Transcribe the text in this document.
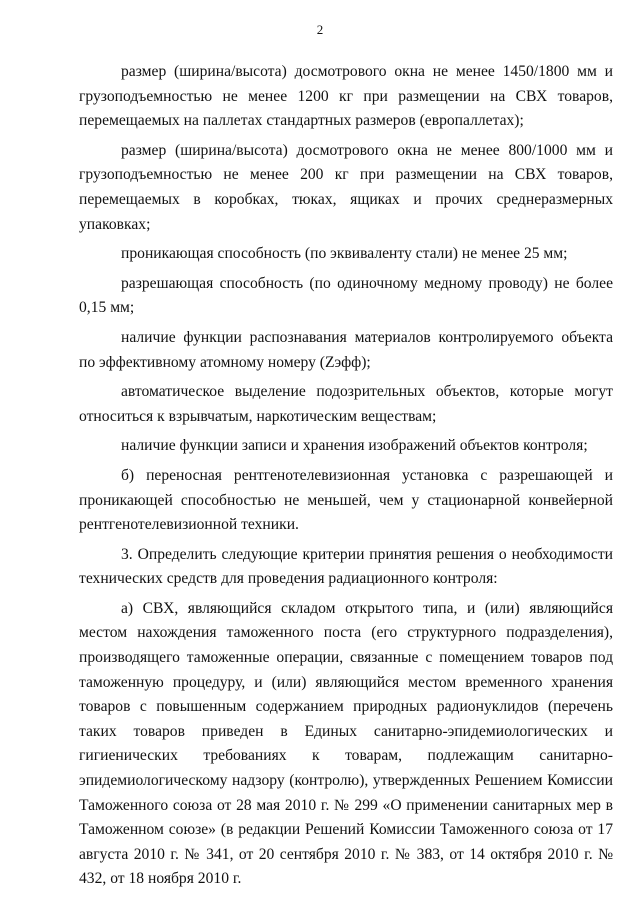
2

размер (ширина/высота) досмотрового окна не менее 1450/1800 мм и грузоподъемностью не менее 1200 кг при размещении на СВХ товаров, перемещаемых на паллетах стандартных размеров (европаллетах);

размер (ширина/высота) досмотрового окна не менее 800/1000 мм и грузоподъемностью не менее 200 кг при размещении на СВХ товаров, перемещаемых в коробках, тюках, ящиках и прочих среднеразмерных упаковках;

проникающая способность (по эквиваленту стали) не менее 25 мм;

разрешающая способность (по одиночному медному проводу) не более 0,15 мм;

наличие функции распознавания материалов контролируемого объекта по эффективному атомному номеру (Zэфф);

автоматическое выделение подозрительных объектов, которые могут относиться к взрывчатым, наркотическим веществам;

наличие функции записи и хранения изображений объектов контроля;

б) переносная рентгенотелевизионная установка с разрешающей и проникающей способностью не меньшей, чем у стационарной конвейерной рентгенотелевизионной техники.

3. Определить следующие критерии принятия решения о необходимости технических средств для проведения радиационного контроля:

а) СВХ, являющийся складом открытого типа, и (или) являющийся местом нахождения таможенного поста (его структурного подразделения), производящего таможенные операции, связанные с помещением товаров под таможенную процедуру, и (или) являющийся местом временного хранения товаров с повышенным содержанием природных радионуклидов (перечень таких товаров приведен в Единых санитарно-эпидемиологических и гигиенических требованиях к товарам, подлежащим санитарно-эпидемиологическому надзору (контролю), утвержденных Решением Комиссии Таможенного союза от 28 мая 2010 г. № 299 «О применении санитарных мер в Таможенном союзе» (в редакции Решений Комиссии Таможенного союза от 17 августа 2010 г. № 341, от 20 сентября 2010 г. № 383, от 14 октября 2010 г. № 432, от 18 ноября 2010 г.
